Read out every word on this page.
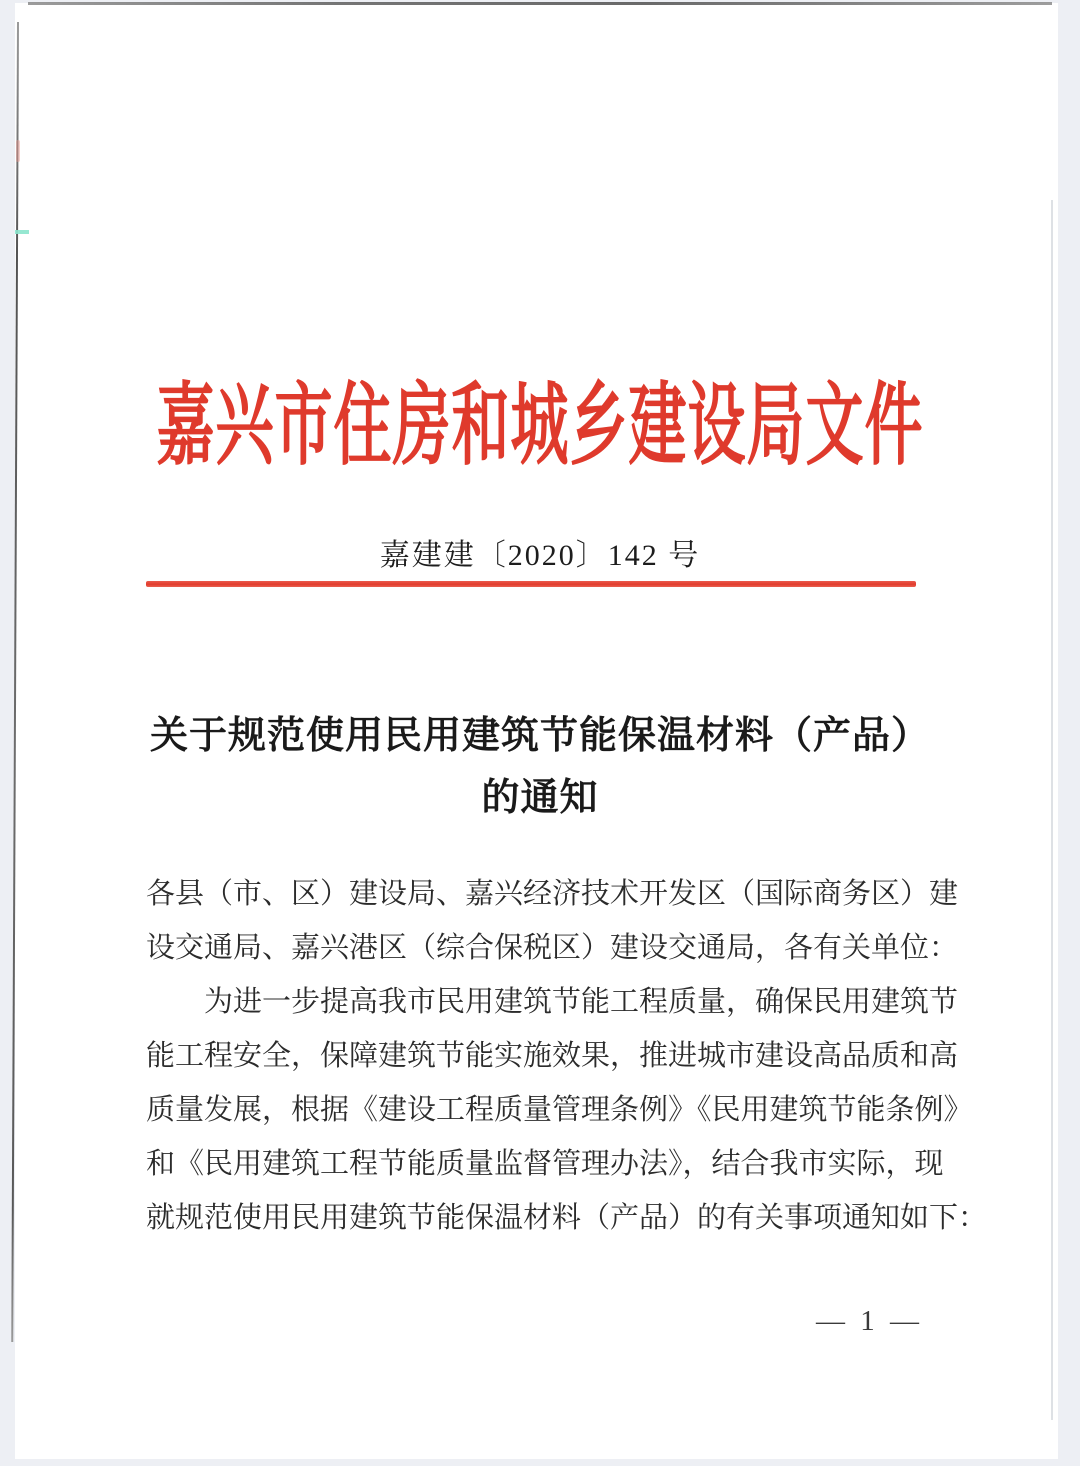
嘉兴市住房和城乡建设局文件
嘉建建〔2020〕142 号
关于规范使用民用建筑节能保温材料（产品）
的通知
各县（市、区）建设局、嘉兴经济技术开发区（国际商务区）建
设交通局、嘉兴港区（综合保税区）建设交通局，各有关单位：
为进一步提高我市民用建筑节能工程质量，确保民用建筑节
能工程安全，保障建筑节能实施效果，推进城市建设高品质和高
质量发展，根据《建设工程质量管理条例》《民用建筑节能条例》
和《民用建筑工程节能质量监督管理办法》，结合我市实际，现
就规范使用民用建筑节能保温材料（产品）的有关事项通知如下：
— 1 —
